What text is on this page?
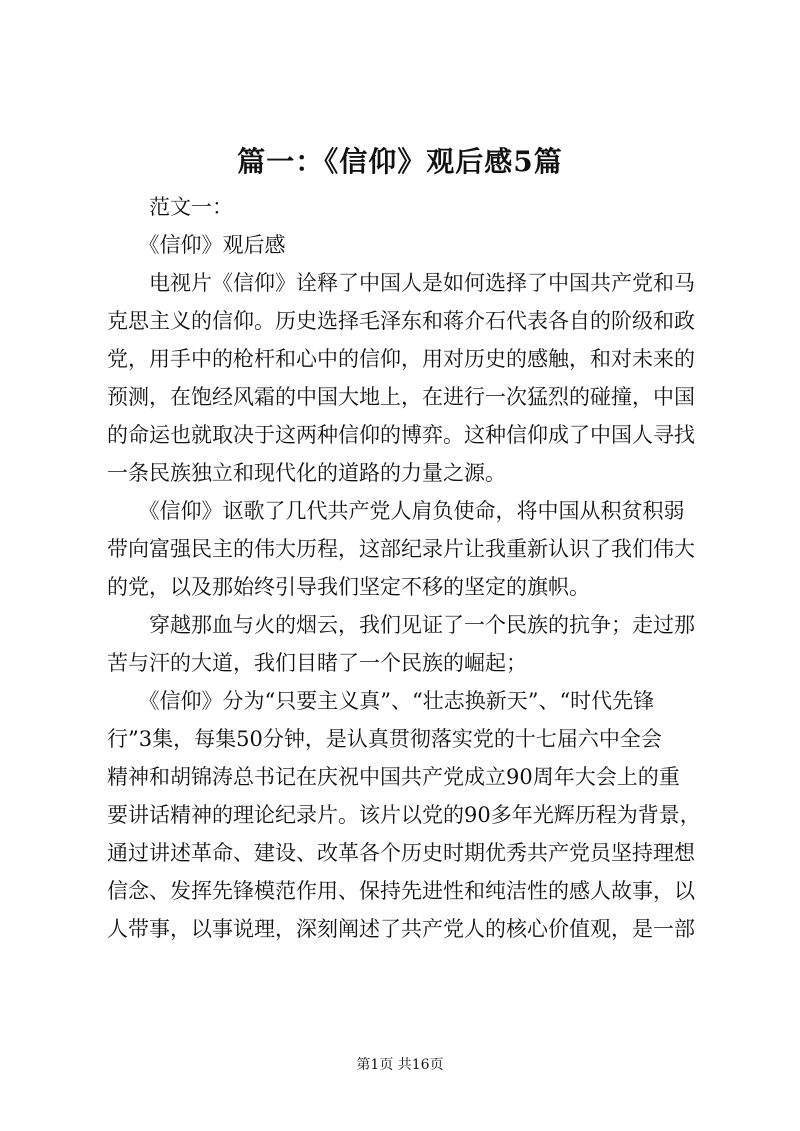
篇一：《信仰》观后感5篇
　　范文一：
　　《信仰》观后感
　　电视片《信仰》诠释了中国人是如何选择了中国共产党和马
克思主义的信仰。历史选择毛泽东和蒋介石代表各自的阶级和政
党，用手中的枪杆和心中的信仰，用对历史的感触，和对未来的
预测，在饱经风霜的中国大地上，在进行一次猛烈的碰撞，中国
的命运也就取决于这两种信仰的博弈。这种信仰成了中国人寻找
一条民族独立和现代化的道路的力量之源。
　　《信仰》讴歌了几代共产党人肩负使命，将中国从积贫积弱
带向富强民主的伟大历程，这部纪录片让我重新认识了我们伟大
的党，以及那始终引导我们坚定不移的坚定的旗帜。
　　穿越那血与火的烟云，我们见证了一个民族的抗争；走过那
苦与汗的大道，我们目睹了一个民族的崛起；
　　《信仰》分为“只要主义真”、“壮志换新天”、“时代先锋
行”3集，每集50分钟，是认真贯彻落实党的十七届六中全会
精神和胡锦涛总书记在庆祝中国共产党成立90周年大会上的重
要讲话精神的理论纪录片。该片以党的90多年光辉历程为背景，
通过讲述革命、建设、改革各个历史时期优秀共产党员坚持理想
信念、发挥先锋模范作用、保持先进性和纯洁性的感人故事，以
人带事，以事说理，深刻阐述了共产党人的核心价值观，是一部
第1页 共16页
